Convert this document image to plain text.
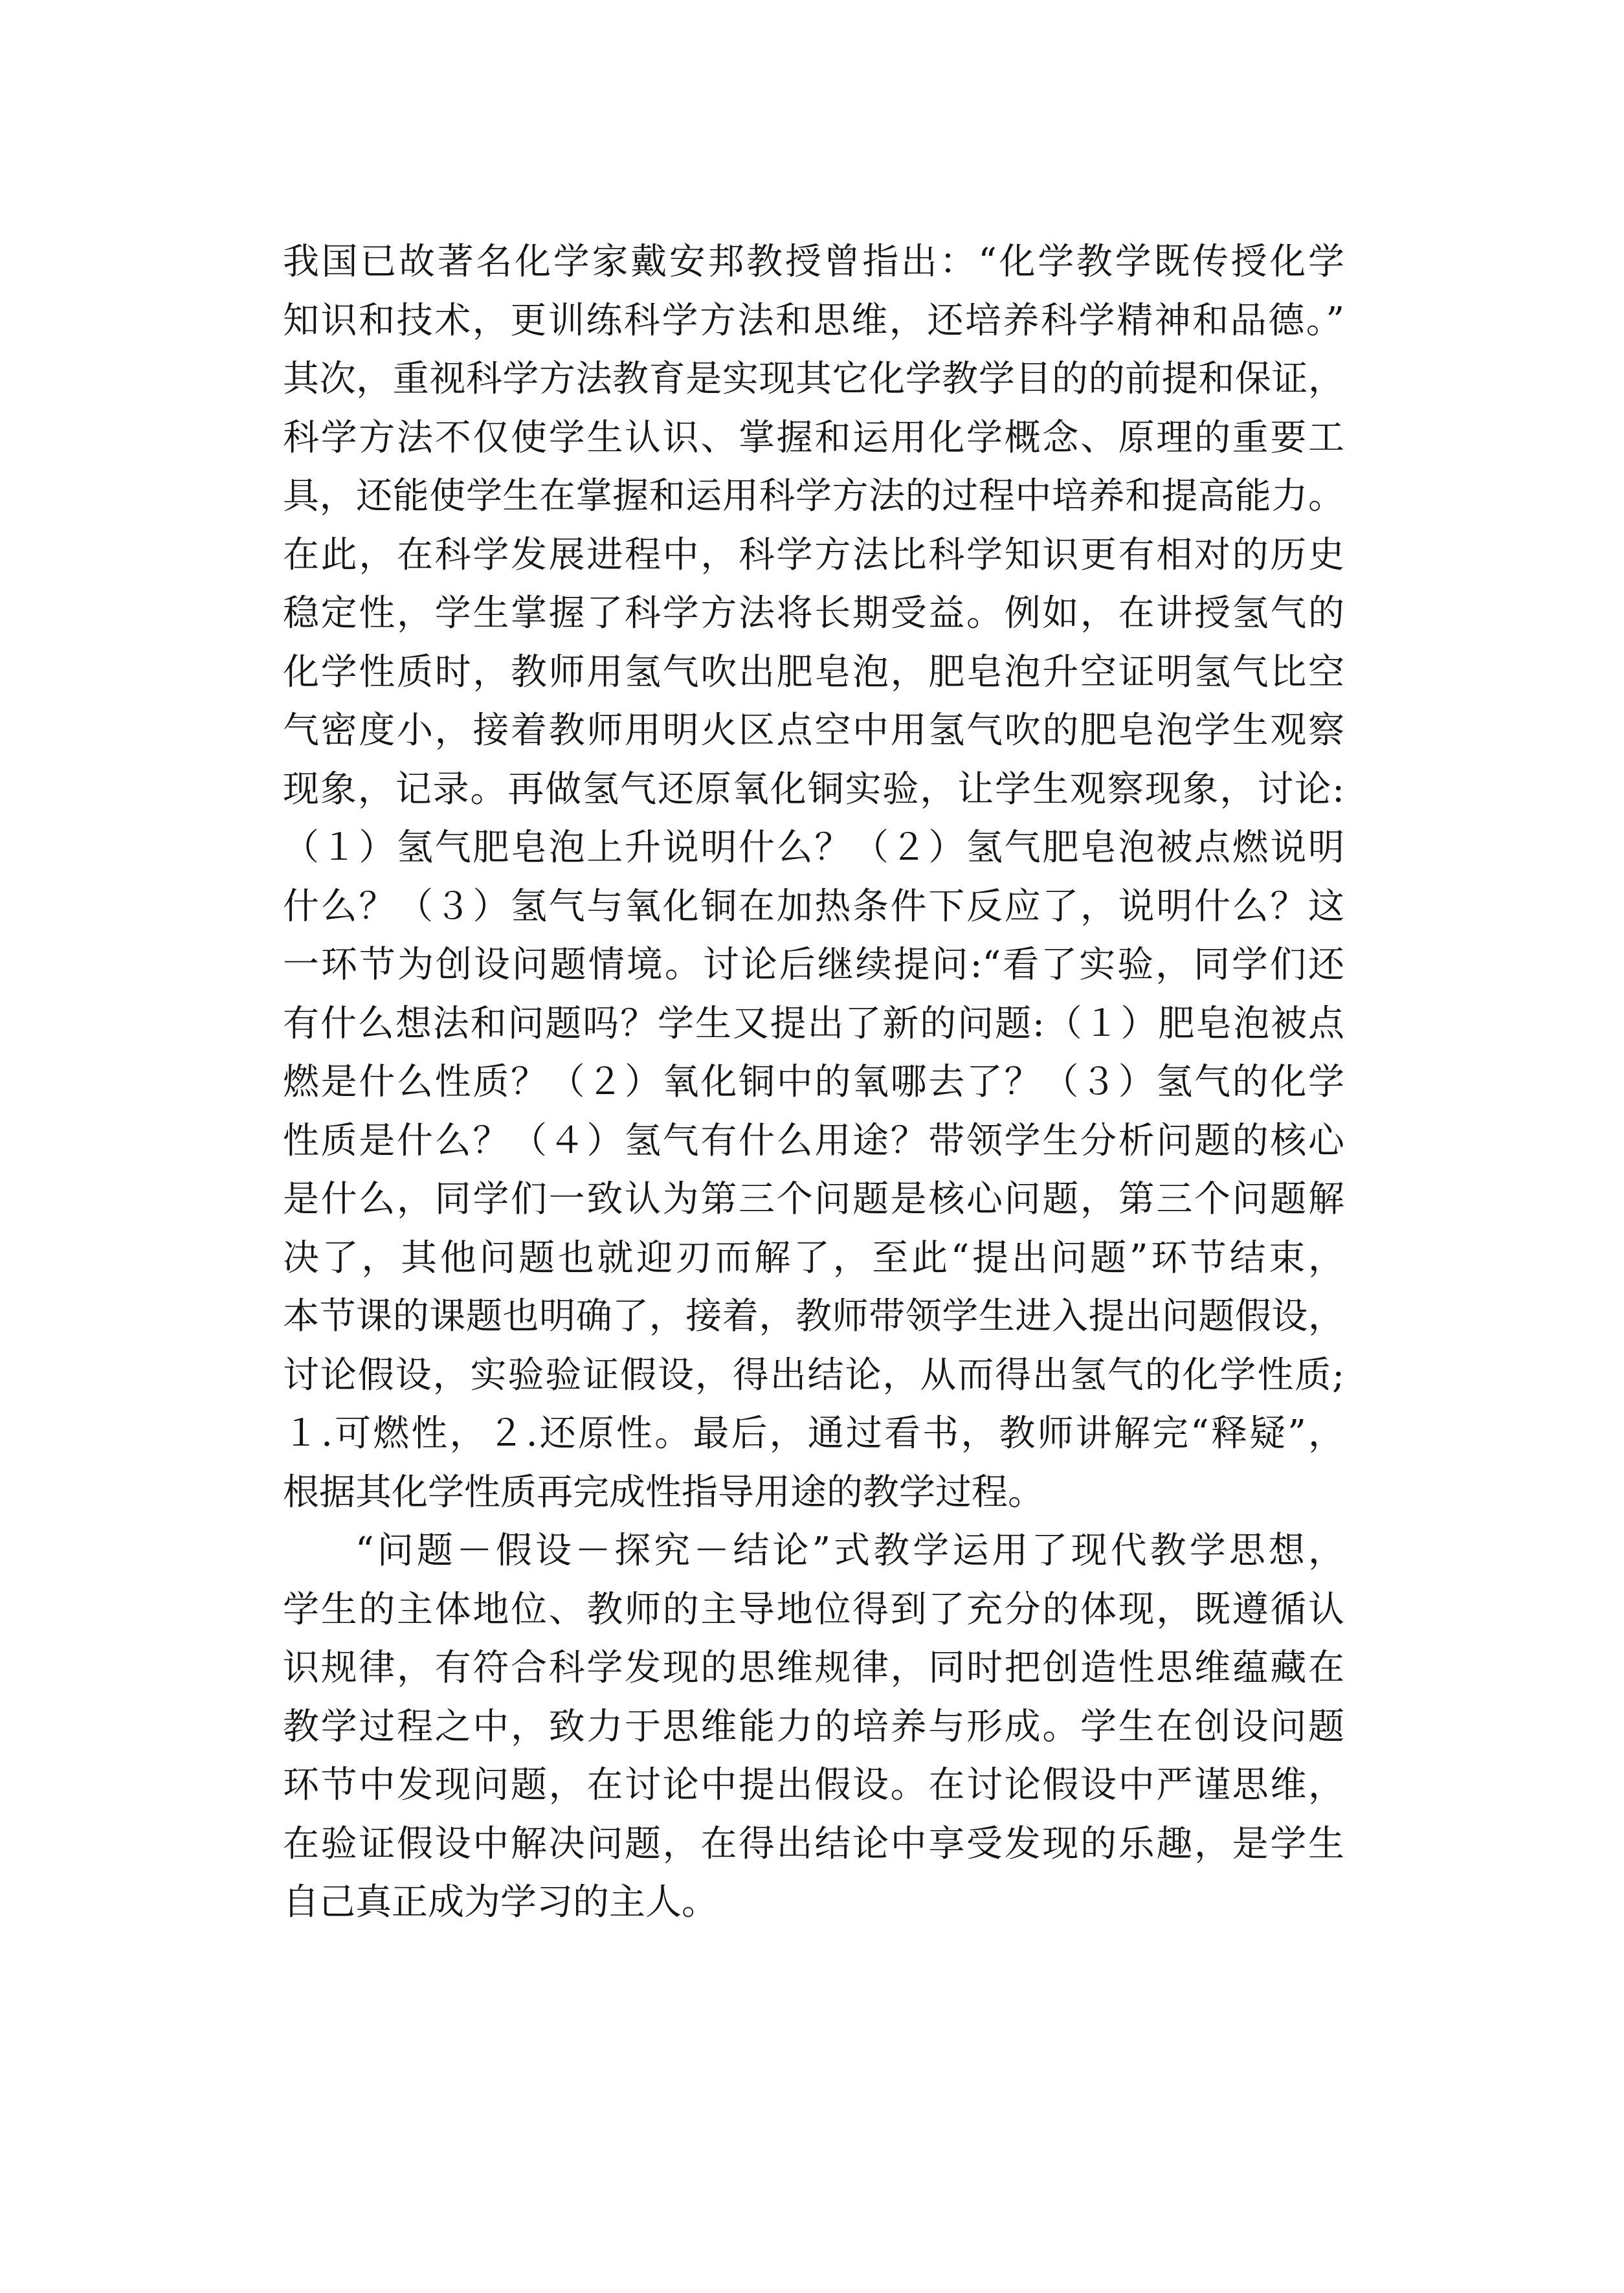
我国已故著名化学家戴安邦教授曾指出：“化学教学既传授化学
知识和技术，更训练科学方法和思维，还培养科学精神和品德。”
其次，重视科学方法教育是实现其它化学教学目的的前提和保证，
科学方法不仅使学生认识、掌握和运用化学概念、原理的重要工
具，还能使学生在掌握和运用科学方法的过程中培养和提高能力。
在此，在科学发展进程中，科学方法比科学知识更有相对的历史
稳定性，学生掌握了科学方法将长期受益。例如，在讲授氢气的
化学性质时，教师用氢气吹出肥皂泡，肥皂泡升空证明氢气比空
气密度小，接着教师用明火区点空中用氢气吹的肥皂泡学生观察
现象，记录。再做氢气还原氧化铜实验，让学生观察现象，讨论:
（１）氢气肥皂泡上升说明什么？（２）氢气肥皂泡被点燃说明
什么？（３）氢气与氧化铜在加热条件下反应了，说明什么？这
一环节为创设问题情境。讨论后继续提问:“看了实验，同学们还
有什么想法和问题吗？学生又提出了新的问题:（１）肥皂泡被点
燃是什么性质？（２）氧化铜中的氧哪去了？（３）氢气的化学
性质是什么？（４）氢气有什么用途？带领学生分析问题的核心
是什么，同学们一致认为第三个问题是核心问题，第三个问题解
决了，其他问题也就迎刃而解了，至此“提出问题”环节结束，
本节课的课题也明确了，接着，教师带领学生进入提出问题假设，
讨论假设，实验验证假设，得出结论，从而得出氢气的化学性质;
１.可燃性，２.还原性。最后，通过看书，教师讲解完“释疑”，
根据其化学性质再完成性指导用途的教学过程。
“问题－假设－探究－结论”式教学运用了现代教学思想，
学生的主体地位、教师的主导地位得到了充分的体现，既遵循认
识规律，有符合科学发现的思维规律，同时把创造性思维蕴藏在
教学过程之中，致力于思维能力的培养与形成。学生在创设问题
环节中发现问题，在讨论中提出假设。在讨论假设中严谨思维，
在验证假设中解决问题，在得出结论中享受发现的乐趣，是学生
自己真正成为学习的主人。
